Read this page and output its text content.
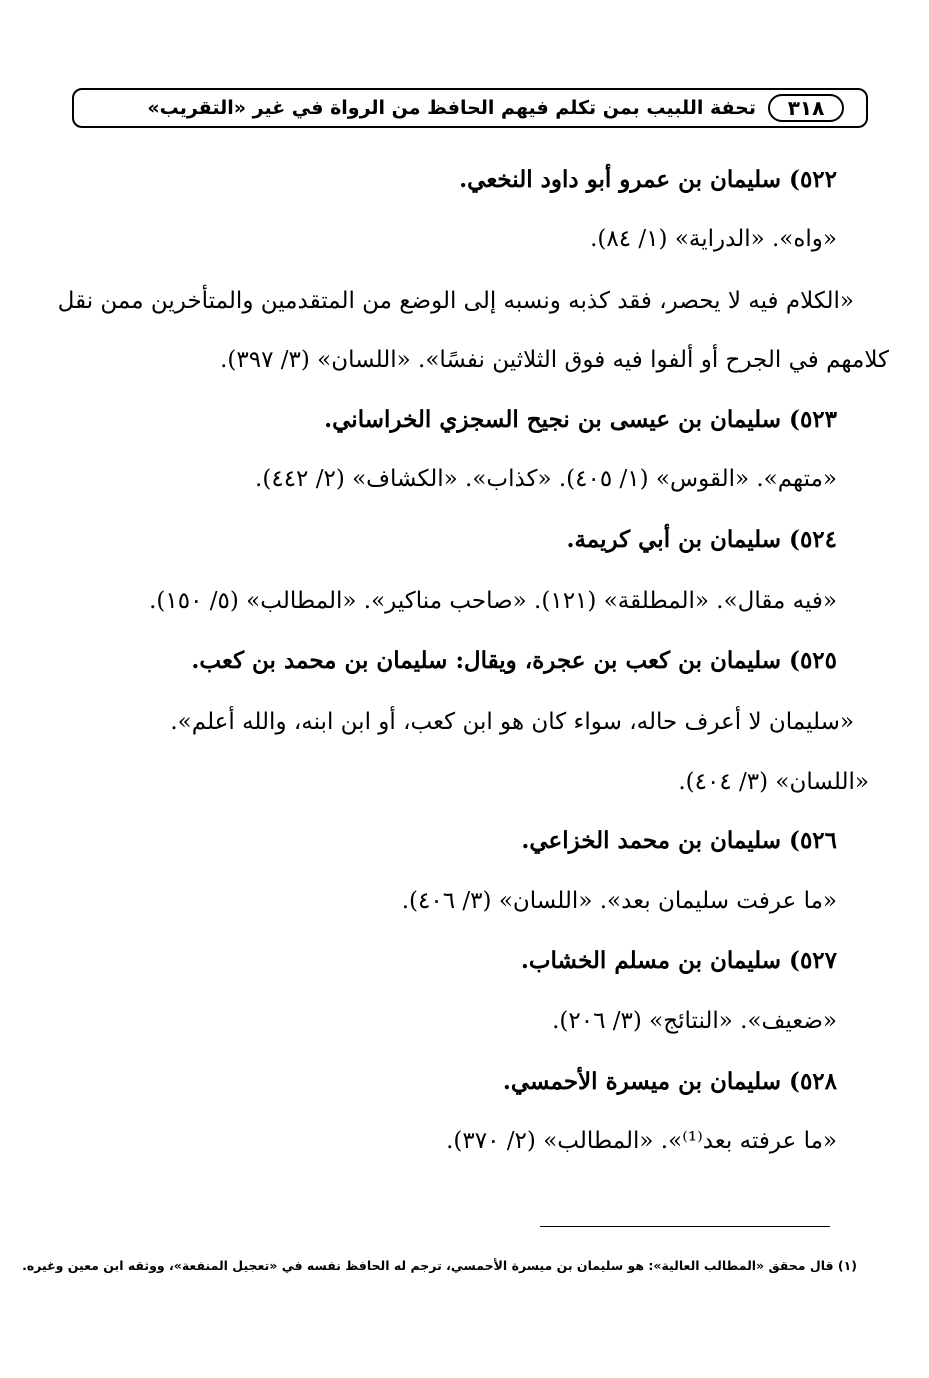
٣١٨
تحفة اللبيب بمن تكلم فيهم الحافظ من الرواة في غير «التقريب»
٥٢٢) سليمان بن عمرو أبو داود النخعي.
«واه». «الدراية» (١/ ٨٤).
«الكلام فيه لا يحصر، فقد كذبه ونسبه إلى الوضع من المتقدمين والمتأخرين ممن نقل
كلامهم في الجرح أو ألفوا فيه فوق الثلاثين نفسًا». «اللسان» (٣/ ٣٩٧).
٥٢٣) سليمان بن عيسى بن نجيح السجزي الخراساني.
«متهم». «القوس» (١/ ٤٠٥). «كذاب». «الكشاف» (٢/ ٤٤٢).
٥٢٤) سليمان بن أبي كريمة.
«فيه مقال». «المطلقة» (١٢١). «صاحب مناكير». «المطالب» (٥/ ١٥٠).
٥٢٥) سليمان بن كعب بن عجرة، ويقال: سليمان بن محمد بن كعب.
«سليمان لا أعرف حاله، سواء كان هو ابن كعب، أو ابن ابنه، والله أعلم».
«اللسان» (٣/ ٤٠٤).
٥٢٦) سليمان بن محمد الخزاعي.
«ما عرفت سليمان بعد». «اللسان» (٣/ ٤٠٦).
٥٢٧) سليمان بن مسلم الخشاب.
«ضعيف». «النتائج» (٣/ ٢٠٦).
٥٢٨) سليمان بن ميسرة الأحمسي.
«ما عرفته بعد⁽¹⁾». «المطالب» (٢/ ٣٧٠).
(١) قال محقق «المطالب العالية»: هو سليمان بن ميسرة الأحمسي، ترجم له الحافظ نفسه في «تعجيل المنفعة»، ووثقه ابن معين وغيره.
